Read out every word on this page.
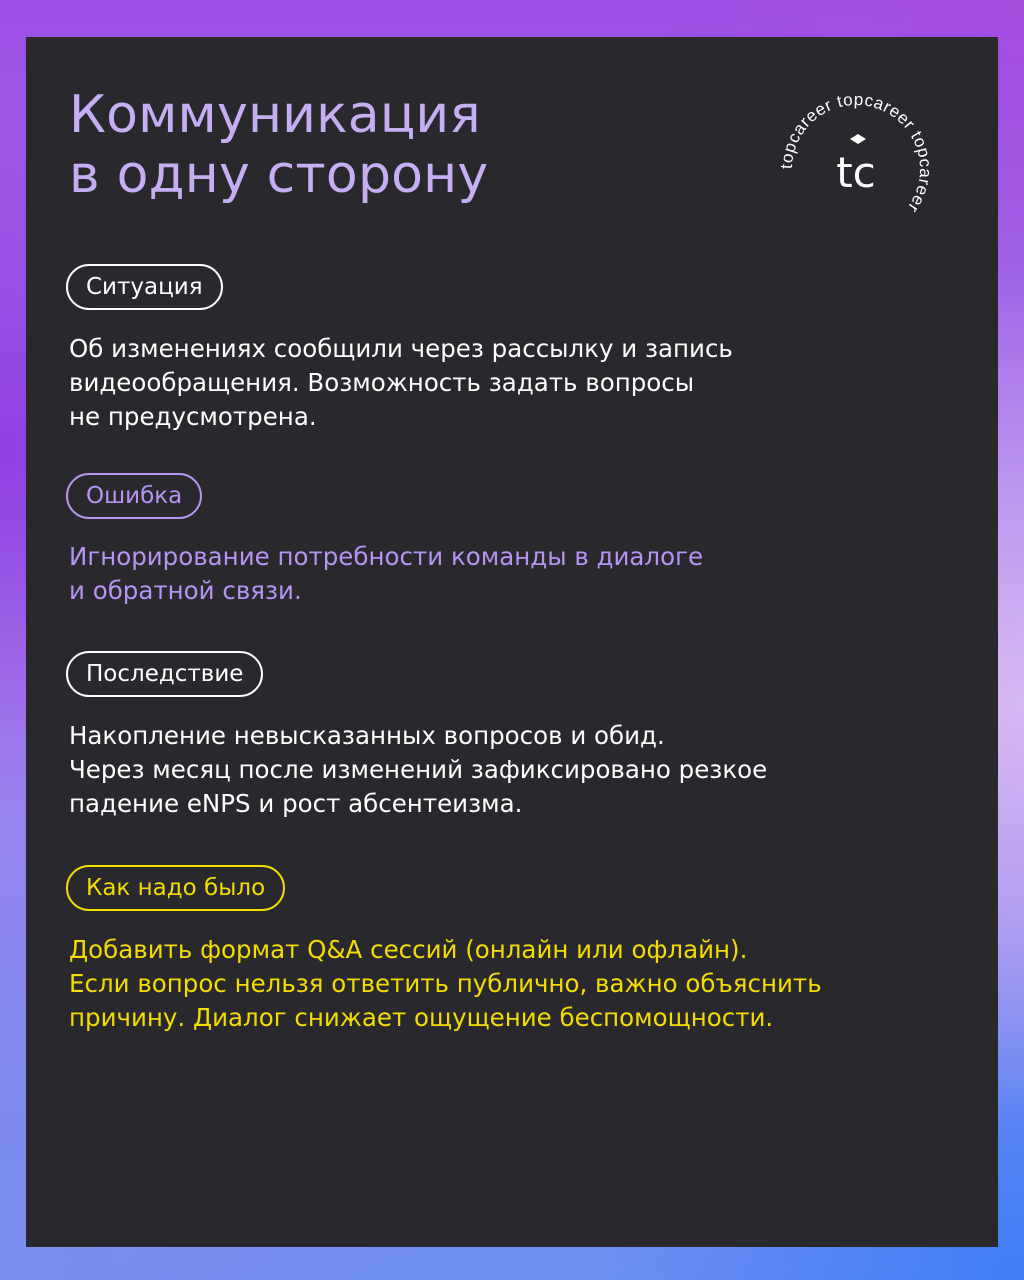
Коммуникация
в одну сторону	topcareer topcareer topcareer
tc
Ситуация

Об изменениях сообщили через рассылку и запись
видеообращения. Возможность задать вопросы
не предусмотрена.

Ошибка

Игнорирование потребности команды в диалоге
и обратной связи.

Последствие

Накопление невысказанных вопросов и обид.
Через месяц после изменений зафиксировано резкое
падение eNPS и рост абсентеизма.

Как надо было

Добавить формат Q&A сессий (онлайн или офлайн).
Если вопрос нельзя ответить публично, важно объяснить
причину. Диалог снижает ощущение беспомощности.
